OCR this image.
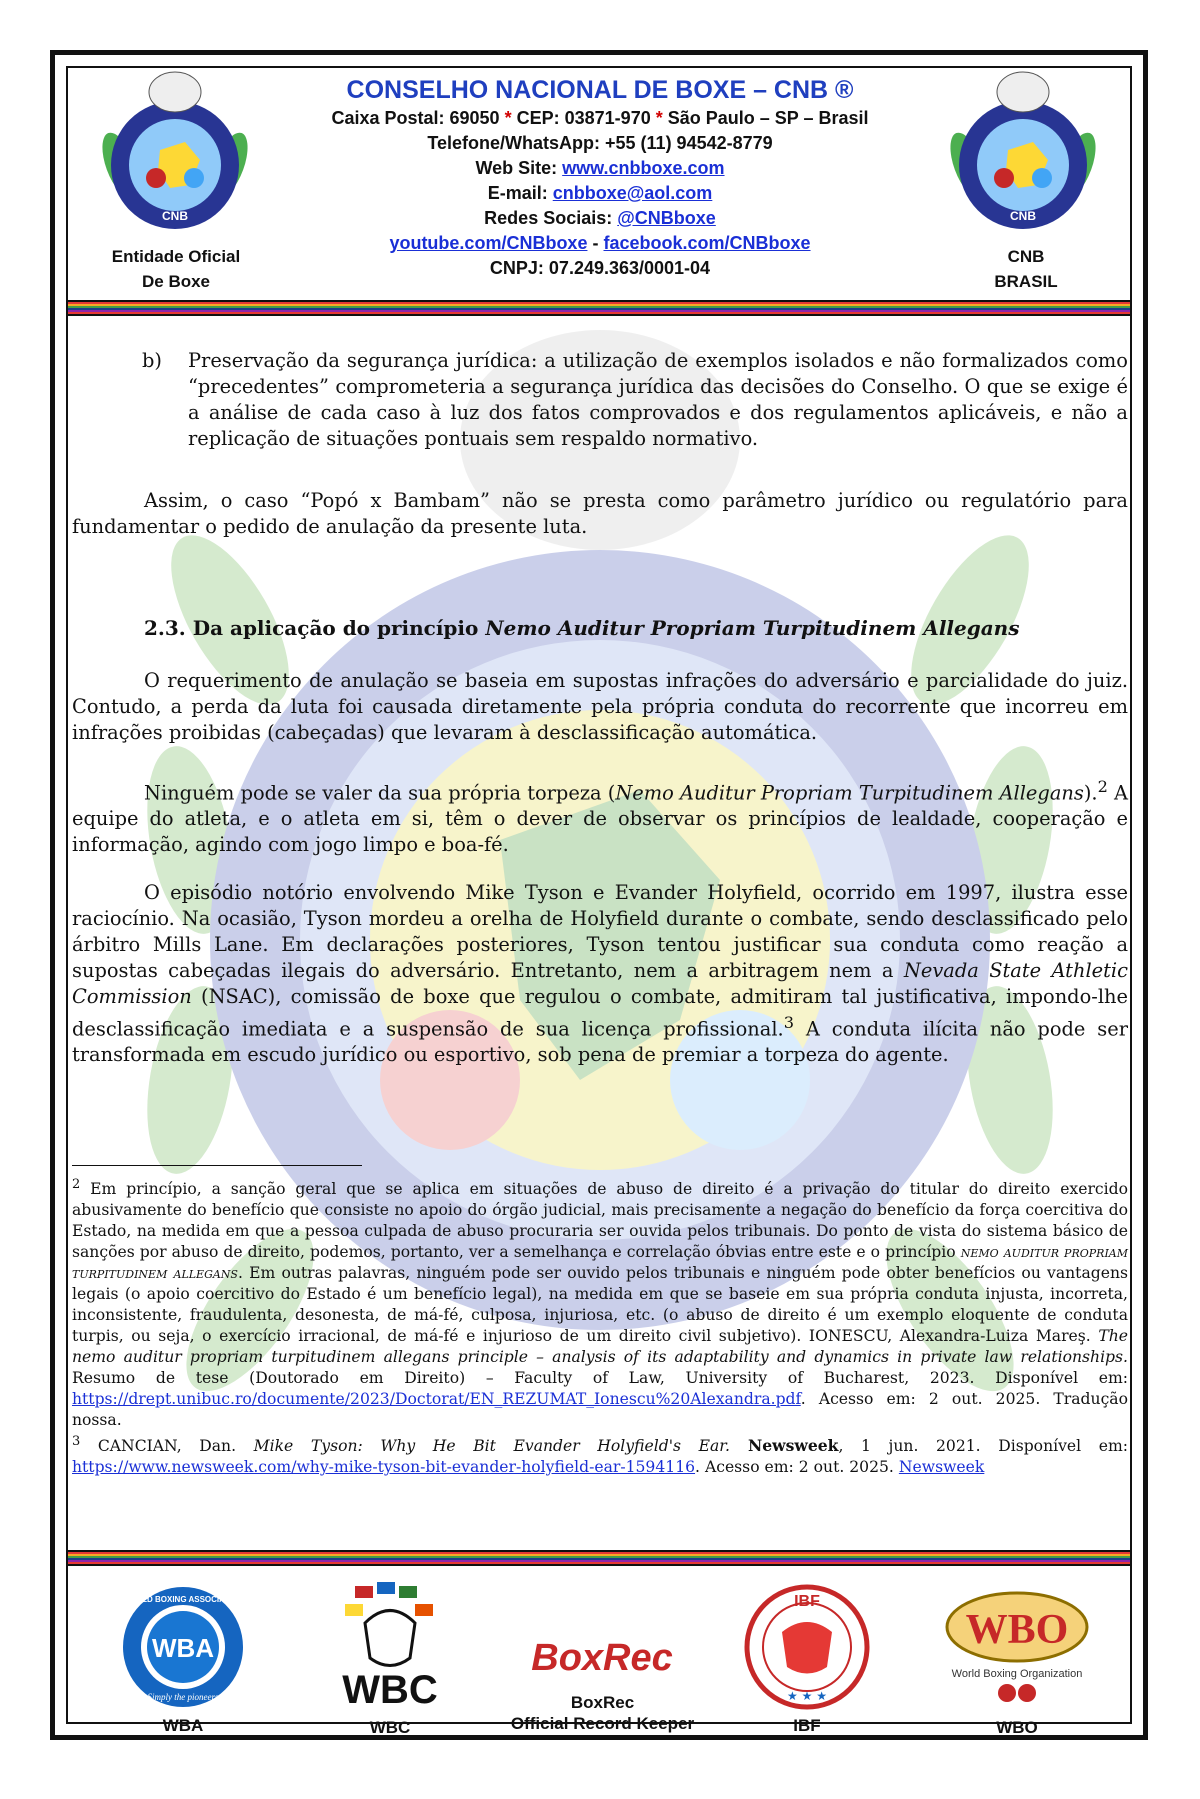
CNB	CNB
Entidade Oficial
De Boxe
CNB
BRASIL
CONSELHO NACIONAL DE BOXE – CNB ®
Caixa Postal: 69050 * CEP: 03871-970 * São Paulo – SP – Brasil
Telefone/WhatsApp: +55 (11) 94542-8779
Web Site: www.cnbboxe.com
E-mail: cnbboxe@aol.com
Redes Sociais: @CNBboxe
youtube.com/CNBboxe - facebook.com/CNBboxe
CNPJ: 07.249.363/0001-04
b) Preservação da segurança jurídica: a utilização de exemplos isolados e não formalizados como “precedentes” comprometeria a segurança jurídica das decisões do Conselho. O que se exige é a análise de cada caso à luz dos fatos comprovados e dos regulamentos aplicáveis, e não a replicação de situações pontuais sem respaldo normativo.

Assim, o caso “Popó x Bambam” não se presta como parâmetro jurídico ou regulatório para fundamentar o pedido de anulação da presente luta.

2.3. Da aplicação do princípio Nemo Auditur Propriam Turpitudinem Allegans

O requerimento de anulação se baseia em supostas infrações do adversário e parcialidade do juiz. Contudo, a perda da luta foi causada diretamente pela própria conduta do recorrente que incorreu em infrações proibidas (cabeçadas) que levaram à desclassificação automática.

Ninguém pode se valer da sua própria torpeza (Nemo Auditur Propriam Turpitudinem Allegans).$^2$ A equipe do atleta, e o atleta em si, têm o dever de observar os princípios de lealdade, cooperação e informação, agindo com jogo limpo e boa-fé.

O episódio notório envolvendo Mike Tyson e Evander Holyfield, ocorrido em 1997, ilustra esse raciocínio. Na ocasião, Tyson mordeu a orelha de Holyfield durante o combate, sendo desclassificado pelo árbitro Mills Lane. Em declarações posteriores, Tyson tentou justificar sua conduta como reação a supostas cabeçadas ilegais do adversário. Entretanto, nem a arbitragem nem a Nevada State Athletic Commission (NSAC), comissão de boxe que regulou o combate, admitiram tal justificativa, impondo-lhe desclassificação imediata e a suspensão de sua licença profissional.$^3$ A conduta ilícita não pode ser transformada em escudo jurídico ou esportivo, sob pena de premiar a torpeza do agente.

$^2$ Em princípio, a sanção geral que se aplica em situações de abuso de direito é a privação do titular do direito exercido abusivamente do benefício que consiste no apoio do órgão judicial, mais precisamente a negação do benefício da força coercitiva do Estado, na medida em que a pessoa culpada de abuso procuraria ser ouvida pelos tribunais. Do ponto de vista do sistema básico de sanções por abuso de direito, podemos, portanto, ver a semelhança e correlação óbvias entre este e o princípio nemo auditur propriam turpitudinem allegans. Em outras palavras, ninguém pode ser ouvido pelos tribunais e ninguém pode obter benefícios ou vantagens legais (o apoio coercitivo do Estado é um benefício legal), na medida em que se baseie em sua própria conduta injusta, incorreta, inconsistente, fraudulenta, desonesta, de má-fé, culposa, injuriosa, etc. (o abuso de direito é um exemplo eloquente de conduta turpis, ou seja, o exercício irracional, de má-fé e injurioso de um direito civil subjetivo). IONESCU, Alexandra-Luiza Mareş. The nemo auditur propriam turpitudinem allegans principle – analysis of its adaptability and dynamics in private law relationships. Resumo de tese (Doutorado em Direito) – Faculty of Law, University of Bucharest, 2023. Disponível em: https://drept.unibuc.ro/documente/2023/Doctorat/EN_REZUMAT_Ionescu%20Alexandra.pdf. Acesso em: 2 out. 2025. Tradução nossa.

$^3$ CANCIAN, Dan. Mike Tyson: Why He Bit Evander Holyfield's Ear. Newsweek, 1 jun. 2021. Disponível em: https://www.newsweek.com/why-mike-tyson-bit-evander-holyfield-ear-1594116. Acesso em: 2 out. 2025. Newsweek

WBA
WORLD BOXING ASSOCIATION
Simply the pioneers
WBA
WBC
WBC
BoxRec
BoxRec
Official Record Keeper
IBF
★ ★ ★
IBF
WBO
World Boxing Organization
WBO
